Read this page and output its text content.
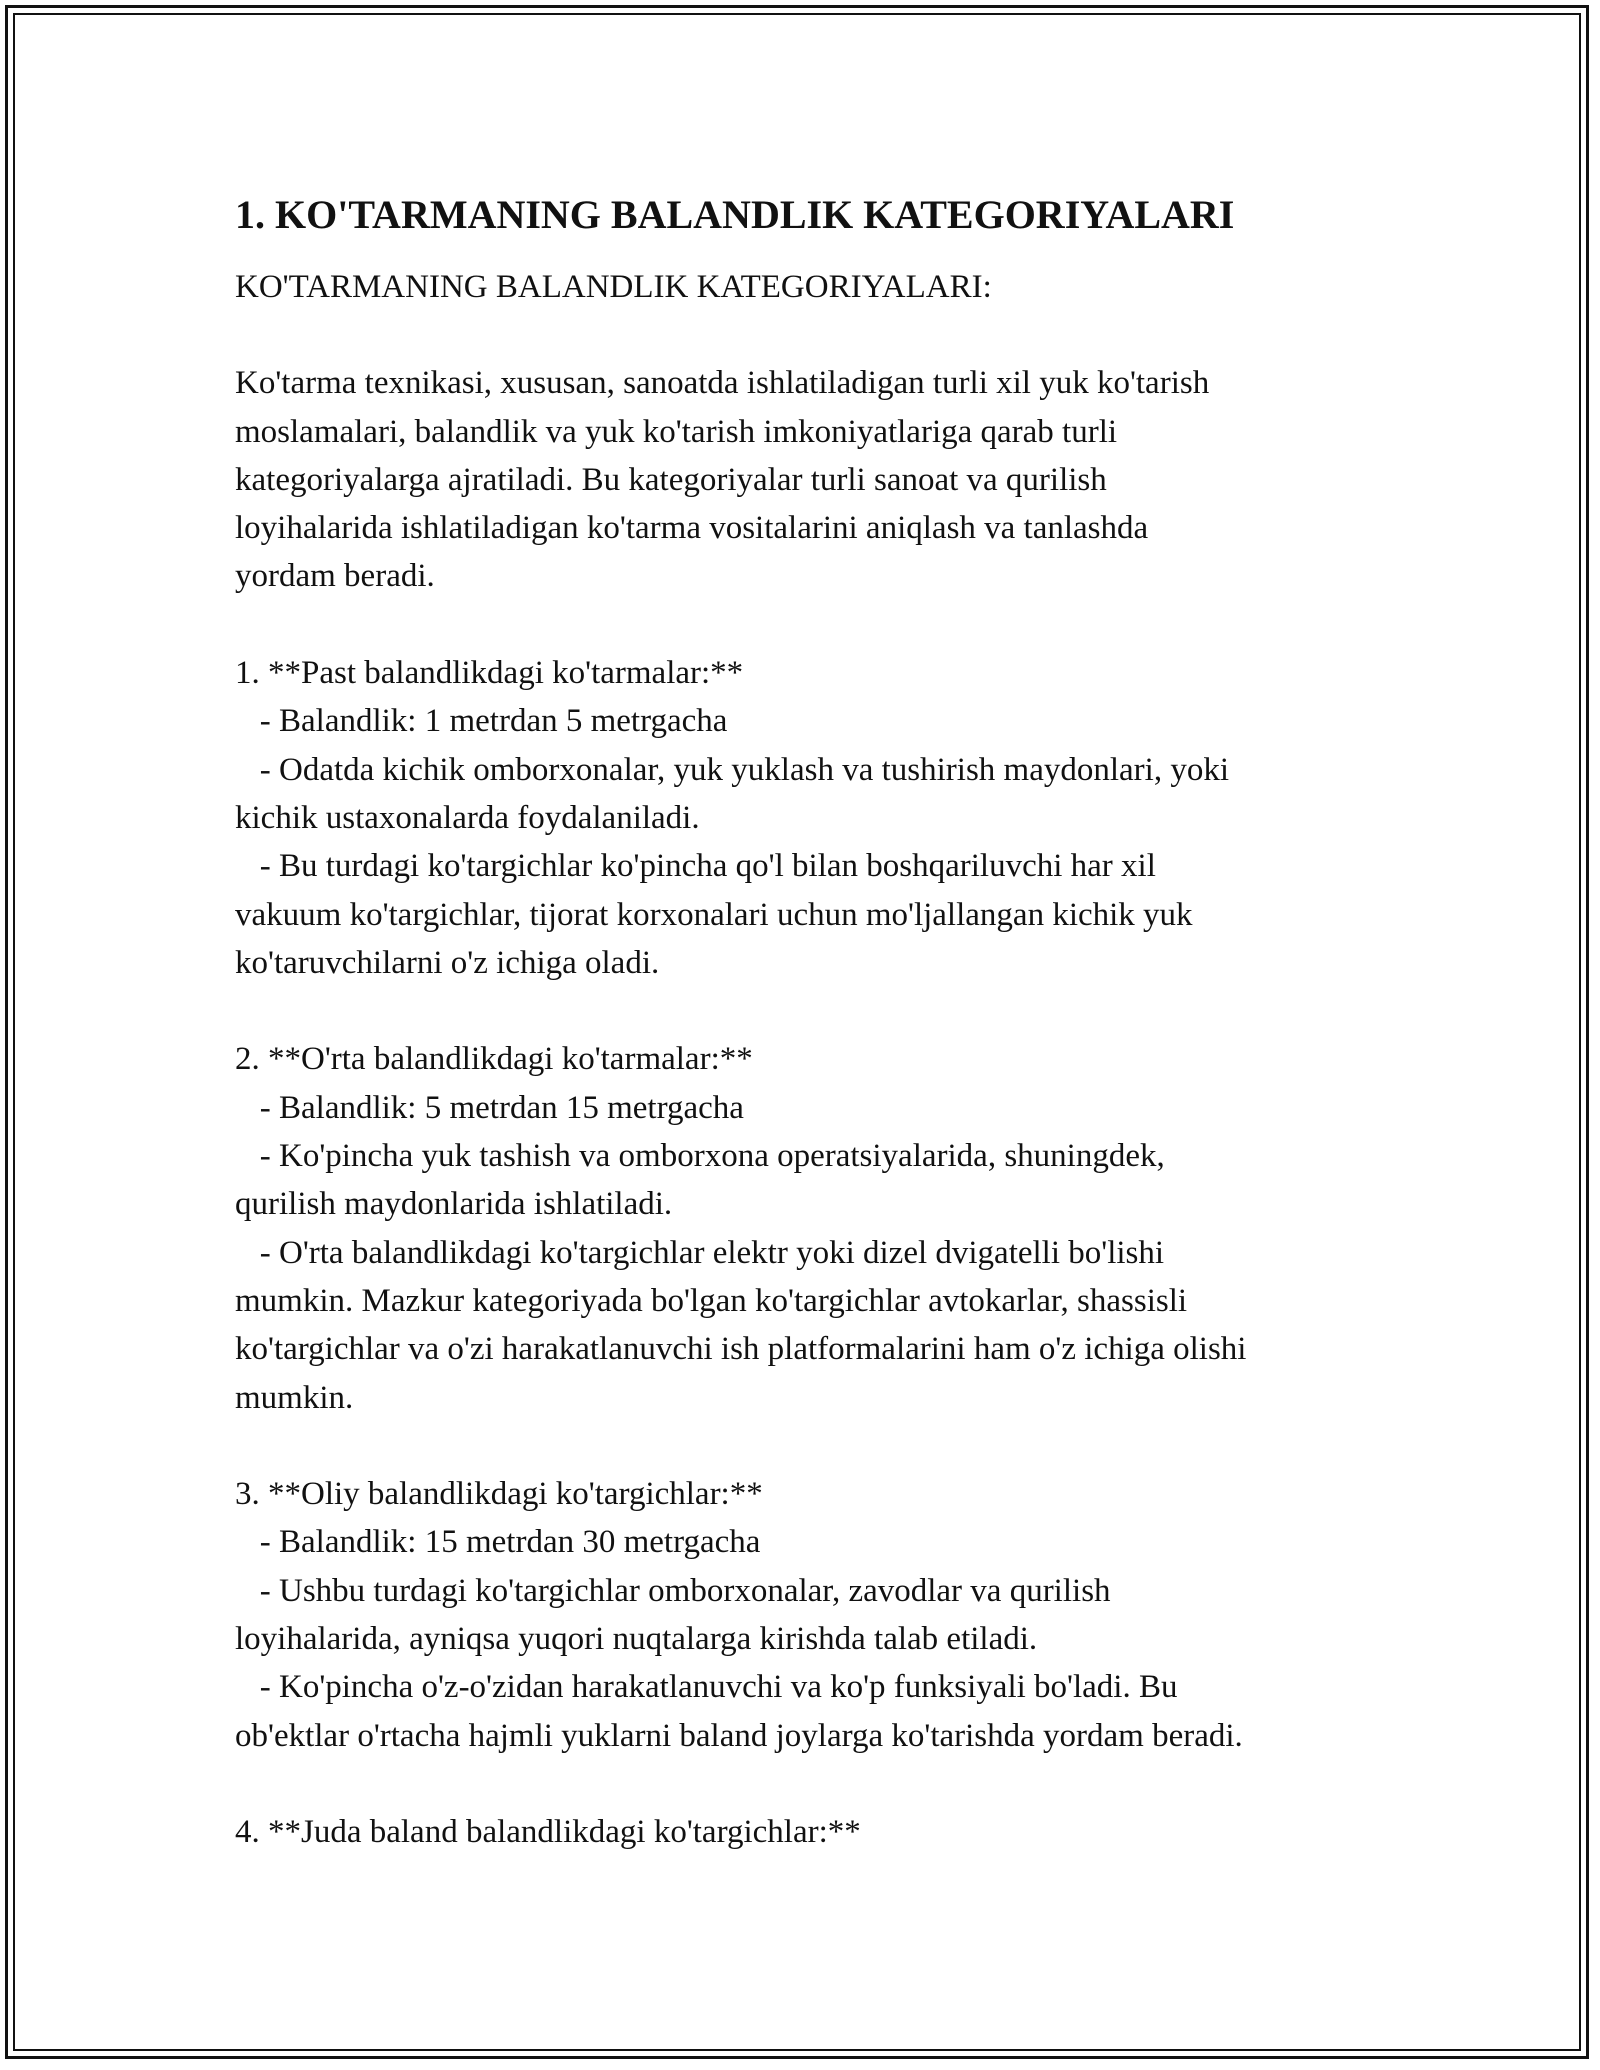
1. KO'TARMANING BALANDLIK KATEGORIYALARI
KO'TARMANING BALANDLIK KATEGORIYALARI:
Ko'tarma texnikasi, xususan, sanoatda ishlatiladigan turli xil yuk ko'tarish
moslamalari, balandlik va yuk ko'tarish imkoniyatlariga qarab turli
kategoriyalarga ajratiladi. Bu kategoriyalar turli sanoat va qurilish
loyihalarida ishlatiladigan ko'tarma vositalarini aniqlash va tanlashda
yordam beradi.
1. **Past balandlikdagi ko'tarmalar:**
- Balandlik: 1 metrdan 5 metrgacha
- Odatda kichik omborxonalar, yuk yuklash va tushirish maydonlari, yoki
kichik ustaxonalarda foydalaniladi.
- Bu turdagi ko'targichlar ko'pincha qo'l bilan boshqariluvchi har xil
vakuum ko'targichlar, tijorat korxonalari uchun mo'ljallangan kichik yuk
ko'taruvchilarni o'z ichiga oladi.
2. **O'rta balandlikdagi ko'tarmalar:**
- Balandlik: 5 metrdan 15 metrgacha
- Ko'pincha yuk tashish va omborxona operatsiyalarida, shuningdek,
qurilish maydonlarida ishlatiladi.
- O'rta balandlikdagi ko'targichlar elektr yoki dizel dvigatelli bo'lishi
mumkin. Mazkur kategoriyada bo'lgan ko'targichlar avtokarlar, shassisli
ko'targichlar va o'zi harakatlanuvchi ish platformalarini ham o'z ichiga olishi
mumkin.
3. **Oliy balandlikdagi ko'targichlar:**
- Balandlik: 15 metrdan 30 metrgacha
- Ushbu turdagi ko'targichlar omborxonalar, zavodlar va qurilish
loyihalarida, ayniqsa yuqori nuqtalarga kirishda talab etiladi.
- Ko'pincha o'z-o'zidan harakatlanuvchi va ko'p funksiyali bo'ladi. Bu
ob'ektlar o'rtacha hajmli yuklarni baland joylarga ko'tarishda yordam beradi.
4. **Juda baland balandlikdagi ko'targichlar:**
